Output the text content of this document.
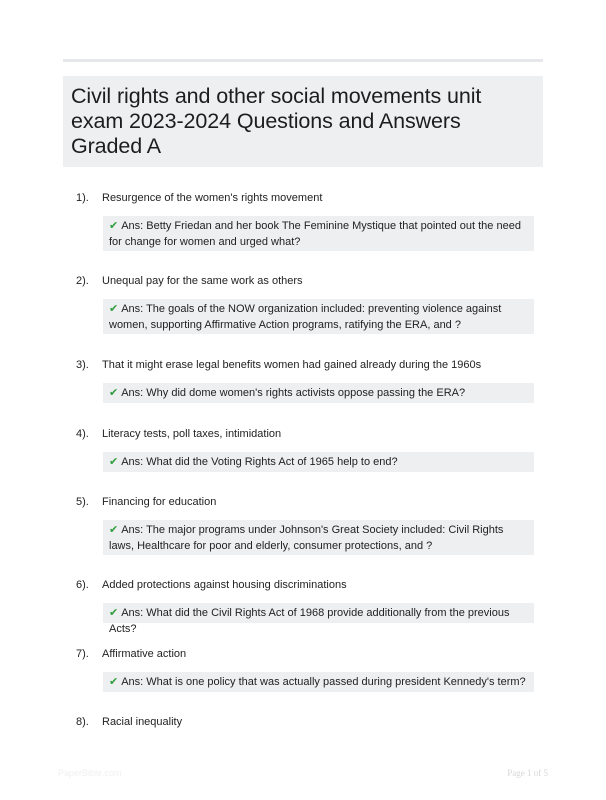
Civil rights and other social movements unit exam 2023-2024 Questions and Answers Graded A
1). Resurgence of the women's rights movement
✔ Ans: Betty Friedan and her book The Feminine Mystique that pointed out the need for change for women and urged what?
2). Unequal pay for the same work as others
✔ Ans: The goals of the NOW organization included: preventing violence against women, supporting Affirmative Action programs, ratifying the ERA, and ?
3). That it might erase legal benefits women had gained already during the 1960s
✔ Ans: Why did dome women's rights activists oppose passing the ERA?
4). Literacy tests, poll taxes, intimidation
✔ Ans: What did the Voting Rights Act of 1965 help to end?
5). Financing for education
✔ Ans: The major programs under Johnson's Great Society included: Civil Rights laws, Healthcare for poor and elderly, consumer protections, and ?
6). Added protections against housing discriminations
✔ Ans: What did the Civil Rights Act of 1968 provide additionally from the previous Acts?
7). Affirmative action
✔ Ans: What is one policy that was actually passed during president Kennedy's term?
8). Racial inequality
PaperBible.com	Page 1 of 5
